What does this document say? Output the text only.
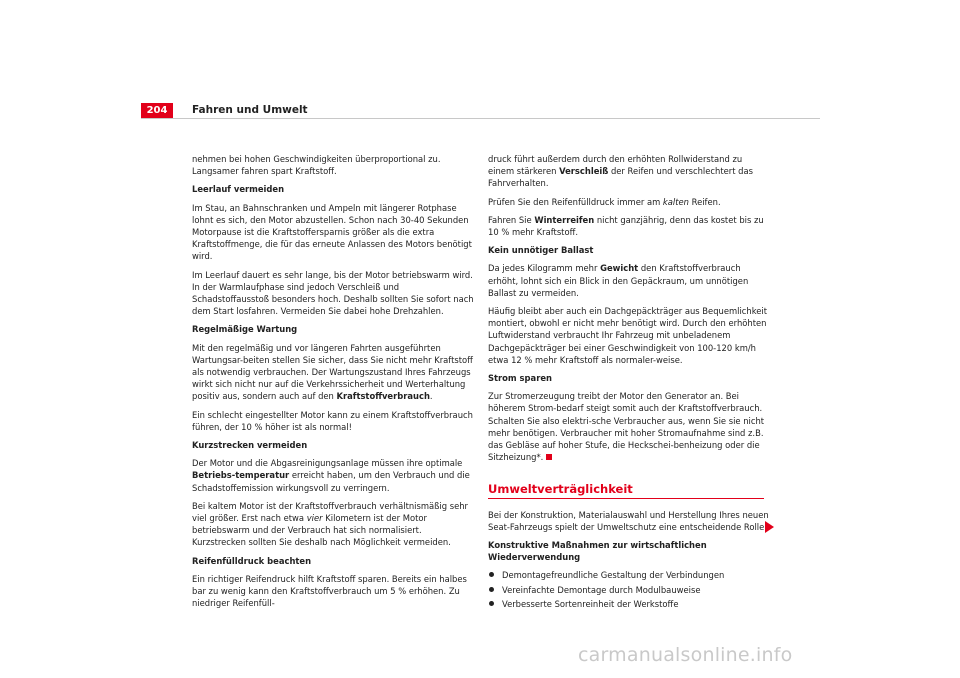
204	Fahren und Umwelt

nehmen bei hohen Geschwindigkeiten überproportional zu. Langsamer fahren spart Kraftstoff.

Leerlauf vermeiden

Im Stau, an Bahnschranken und Ampeln mit längerer Rotphase lohnt es sich, den Motor abzustellen. Schon nach 30-40 Sekunden Motorpause ist die Kraftstoffersparnis größer als die extra Kraftstoffmenge, die für das erneute Anlassen des Motors benötigt wird.

Im Leerlauf dauert es sehr lange, bis der Motor betriebswarm wird. In der Warmlaufphase sind jedoch Verschleiß und Schadstoffausstoß besonders hoch. Deshalb sollten Sie sofort nach dem Start losfahren. Vermeiden Sie dabei hohe Drehzahlen.

Regelmäßige Wartung

Mit den regelmäßig und vor längeren Fahrten ausgeführten Wartungsar-beiten stellen Sie sicher, dass Sie nicht mehr Kraftstoff als notwendig verbrauchen. Der Wartungszustand Ihres Fahrzeugs wirkt sich nicht nur auf die Verkehrssicherheit und Werterhaltung positiv aus, sondern auch auf den Kraftstoffverbrauch.

Ein schlecht eingestellter Motor kann zu einem Kraftstoffverbrauch führen, der 10 % höher ist als normal!

Kurzstrecken vermeiden

Der Motor und die Abgasreinigungsanlage müssen ihre optimale Betriebs-temperatur erreicht haben, um den Verbrauch und die Schadstoffemission wirkungsvoll zu verringern.

Bei kaltem Motor ist der Kraftstoffverbrauch verhältnismäßig sehr viel größer. Erst nach etwa vier Kilometern ist der Motor betriebswarm und der Verbrauch hat sich normalisiert. Kurzstrecken sollten Sie deshalb nach Möglichkeit vermeiden.

Reifenfülldruck beachten

Ein richtiger Reifendruck hilft Kraftstoff sparen. Bereits ein halbes bar zu wenig kann den Kraftstoffverbrauch um 5 % erhöhen. Zu niedriger Reifenfüll-

druck führt außerdem durch den erhöhten Rollwiderstand zu einem stärkeren Verschleiß der Reifen und verschlechtert das Fahrverhalten.

Prüfen Sie den Reifenfülldruck immer am kalten Reifen.

Fahren Sie Winterreifen nicht ganzjährig, denn das kostet bis zu 10 % mehr Kraftstoff.

Kein unnötiger Ballast

Da jedes Kilogramm mehr Gewicht den Kraftstoffverbrauch erhöht, lohnt sich ein Blick in den Gepäckraum, um unnötigen Ballast zu vermeiden.

Häufig bleibt aber auch ein Dachgepäckträger aus Bequemlichkeit montiert, obwohl er nicht mehr benötigt wird. Durch den erhöhten Luftwiderstand verbraucht Ihr Fahrzeug mit unbeladenem Dachgepäckträger bei einer Geschwindigkeit von 100-120 km/h etwa 12 % mehr Kraftstoff als normaler-weise.

Strom sparen

Zur Stromerzeugung treibt der Motor den Generator an. Bei höherem Strom-bedarf steigt somit auch der Kraftstoffverbrauch. Schalten Sie also elektri-sche Verbraucher aus, wenn Sie sie nicht mehr benötigen. Verbraucher mit hoher Stromaufnahme sind z.B. das Gebläse auf hoher Stufe, die Heckschei-benheizung oder die Sitzheizung*.

Umweltverträglichkeit

Bei der Konstruktion, Materialauswahl und Herstellung Ihres neuen Seat-Fahrzeugs spielt der Umweltschutz eine entscheidende Rolle.

Konstruktive Maßnahmen zur wirtschaftlichen Wiederverwendung

Demontagefreundliche Gestaltung der Verbindungen
Vereinfachte Demontage durch Modulbauweise
Verbesserte Sortenreinheit der Werkstoffe
carmanualsonline.info
